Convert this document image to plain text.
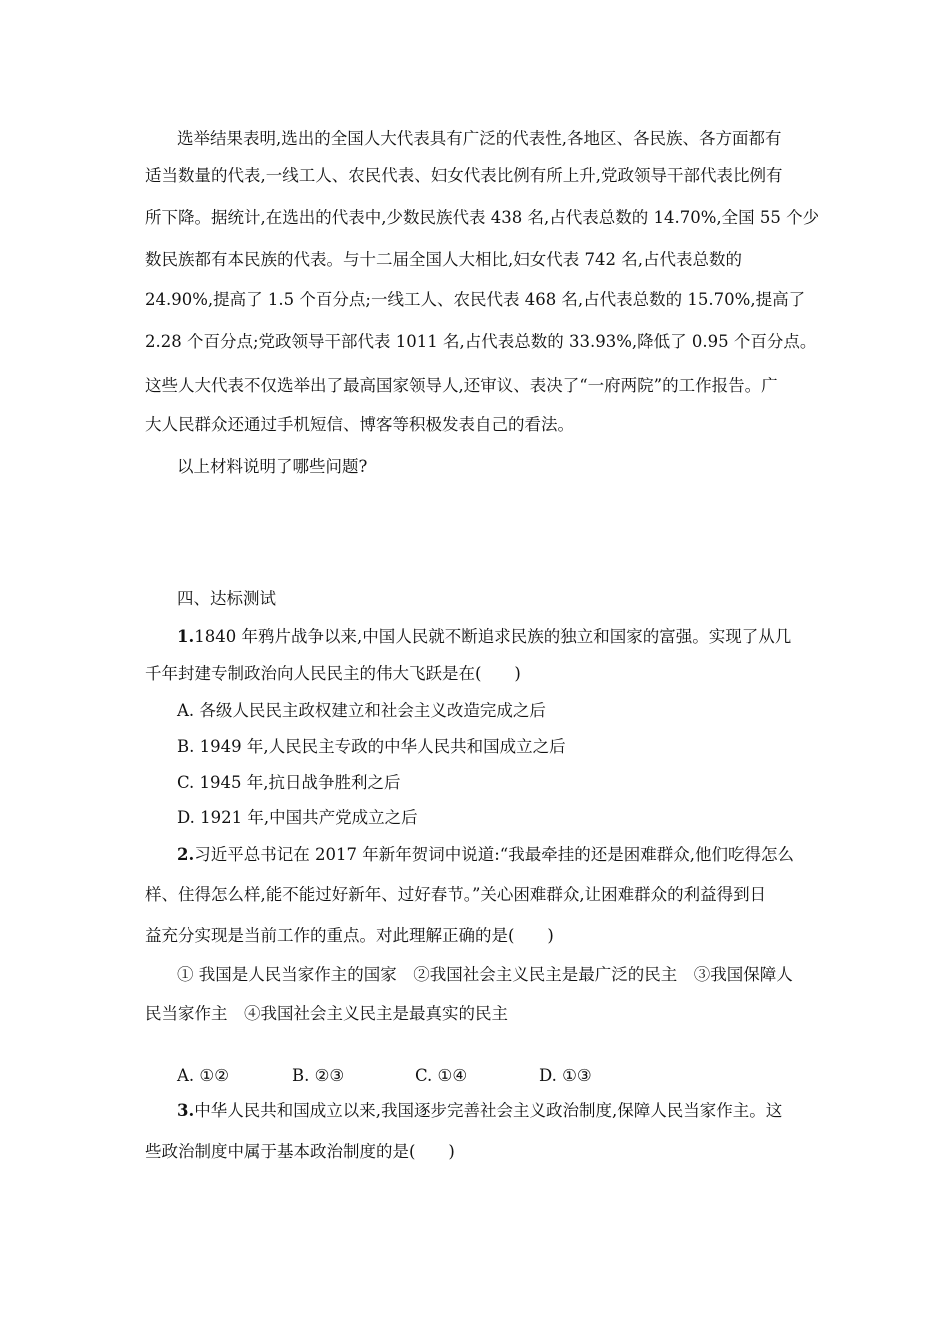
选举结果表明,选出的全国人大代表具有广泛的代表性,各地区、各民族、各方面都有
适当数量的代表,一线工人、农民代表、妇女代表比例有所上升,党政领导干部代表比例有
所下降。据统计,在选出的代表中,少数民族代表 438 名,占代表总数的 14.70%,全国 55 个少
数民族都有本民族的代表。与十二届全国人大相比,妇女代表 742 名,占代表总数的
24.90%,提高了 1.5 个百分点;一线工人、农民代表 468 名,占代表总数的 15.70%,提高了
2.28 个百分点;党政领导干部代表 1011 名,占代表总数的 33.93%,降低了 0.95 个百分点。
这些人大代表不仅选举出了最高国家领导人,还审议、表决了“一府两院”的工作报告。广
大人民群众还通过手机短信、博客等积极发表自己的看法。
以上材料说明了哪些问题?
四、达标测试
1.1840 年鸦片战争以来,中国人民就不断追求民族的独立和国家的富强。实现了从几
千年封建专制政治向人民民主的伟大飞跃是在(　　)
A. 各级人民民主政权建立和社会主义改造完成之后
B. 1949 年,人民民主专政的中华人民共和国成立之后
C. 1945 年,抗日战争胜利之后
D. 1921 年,中国共产党成立之后
2.习近平总书记在 2017 年新年贺词中说道:“我最牵挂的还是困难群众,他们吃得怎么
样、住得怎么样,能不能过好新年、过好春节。”关心困难群众,让困难群众的利益得到日
益充分实现是当前工作的重点。对此理解正确的是(　　)
① 我国是人民当家作主的国家　②我国社会主义民主是最广泛的民主　③我国保障人
民当家作主　④我国社会主义民主是最真实的民主
A. ①②	B. ②③	C. ①④	D. ①③
3.中华人民共和国成立以来,我国逐步完善社会主义政治制度,保障人民当家作主。这
些政治制度中属于基本政治制度的是(　　)
